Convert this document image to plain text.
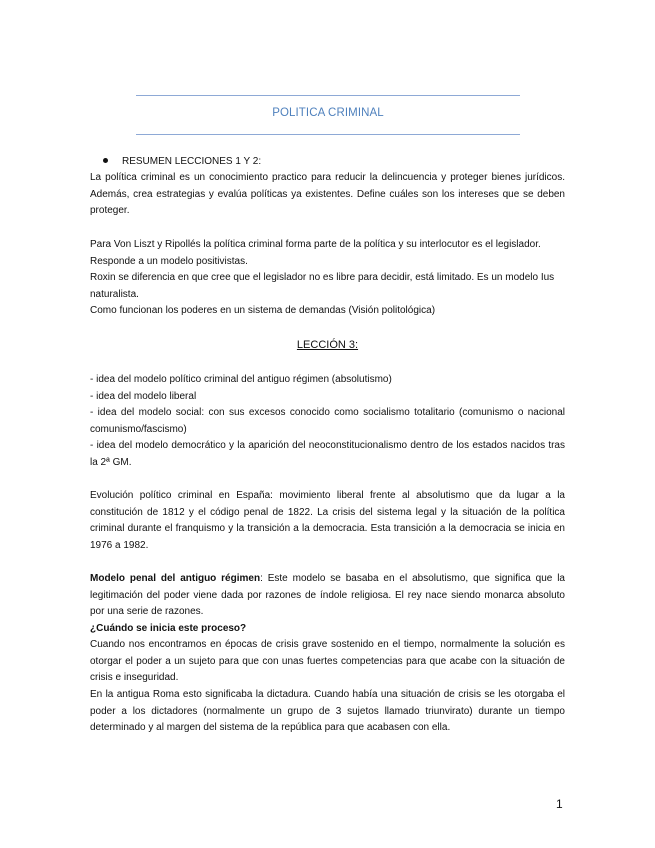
POLITICA CRIMINAL
RESUMEN LECCIONES 1 Y 2:
La política criminal es un conocimiento practico para reducir la delincuencia y proteger bienes jurídicos. Además, crea estrategias y evalúa políticas ya existentes. Define cuáles son los intereses que se deben proteger.

Para Von Liszt y Ripollés la política criminal forma parte de la política y su interlocutor es el legislador.

Responde a un modelo positivistas.

Roxin se diferencia en que cree que el legislador no es libre para decidir, está limitado. Es un modelo Ius naturalista.

Como funcionan los poderes en un sistema de demandas (Visión politológica)

LECCIÓN 3:

- idea del modelo político criminal del antiguo régimen (absolutismo)

- idea del modelo liberal

- idea del modelo social: con sus excesos conocido como socialismo totalitario (comunismo o nacional comunismo/fascismo)

- idea del modelo democrático y la aparición del neoconstitucionalismo dentro de los estados nacidos tras la 2ª GM.

Evolución político criminal en España: movimiento liberal frente al absolutismo que da lugar a la constitución de 1812 y el código penal de 1822. La crisis del sistema legal y la situación de la política criminal durante el franquismo y la transición a la democracia. Esta transición a la democracia se inicia en 1976 a 1982.
Modelo penal del antiguo régimen: Este modelo se basaba en el absolutismo, que significa que la legitimación del poder viene dada por razones de índole religiosa. El rey nace siendo monarca absoluto por una serie de razones.
¿Cuándo se inicia este proceso?
Cuando nos encontramos en épocas de crisis grave sostenido en el tiempo, normalmente la solución es otorgar el poder a un sujeto para que con unas fuertes competencias para que acabe con la situación de crisis e inseguridad.
En la antigua Roma esto significaba la dictadura. Cuando había una situación de crisis se les otorgaba el poder a los dictadores (normalmente un grupo de 3 sujetos llamado triunvirato) durante un tiempo determinado y al margen del sistema de la república para que acabasen con ella.
1
